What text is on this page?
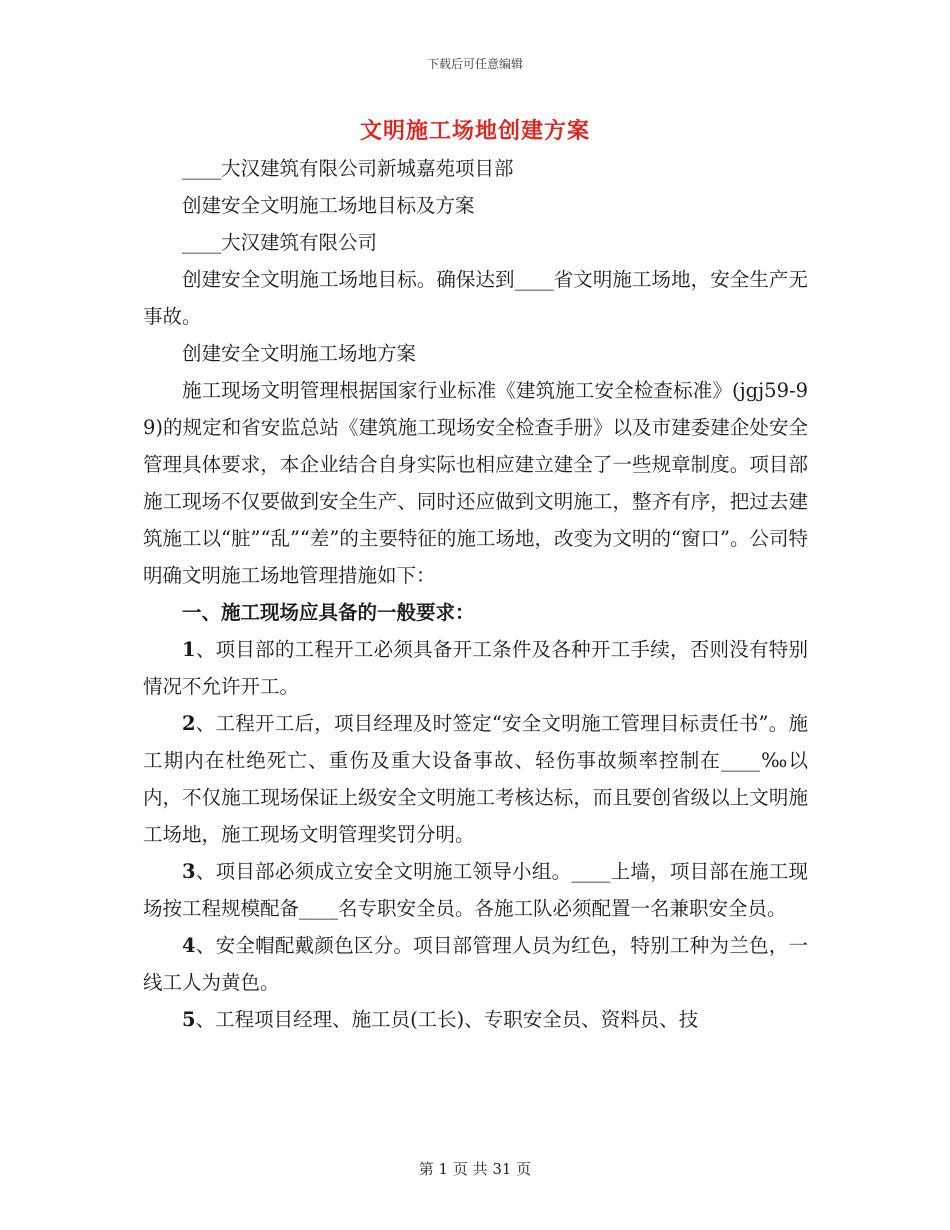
下载后可任意编辑
文明施工场地创建方案

____大汉建筑有限公司新城嘉苑项目部

创建安全文明施工场地目标及方案

____大汉建筑有限公司

创建安全文明施工场地目标。确保达到____省文明施工场地，安全生产无事故。

创建安全文明施工场地方案

施工现场文明管理根据国家行业标准《建筑施工安全检查标准》(jgj59-99)的规定和省安监总站《建筑施工现场安全检查手册》以及市建委建企处安全管理具体要求，本企业结合自身实际也相应建立建全了一些规章制度。项目部施工现场不仅要做到安全生产、同时还应做到文明施工，整齐有序，把过去建筑施工以“脏”“乱”“差”的主要特征的施工场地，改变为文明的“窗口”。公司特明确文明施工场地管理措施如下：

一、施工现场应具备的一般要求：

1、项目部的工程开工必须具备开工条件及各种开工手续，否则没有特别情况不允许开工。

2、工程开工后，项目经理及时签定“安全文明施工管理目标责任书”。施工期内在杜绝死亡、重伤及重大设备事故、轻伤事故频率控制在____‰以内，不仅施工现场保证上级安全文明施工考核达标，而且要创省级以上文明施工场地，施工现场文明管理奖罚分明。

3、项目部必须成立安全文明施工领导小组。____上墙，项目部在施工现场按工程规模配备____名专职安全员。各施工队必须配置一名兼职安全员。

4、安全帽配戴颜色区分。项目部管理人员为红色，特别工种为兰色，一线工人为黄色。

5、工程项目经理、施工员(工长)、专职安全员、资料员、技

第 1 页 共 31 页
